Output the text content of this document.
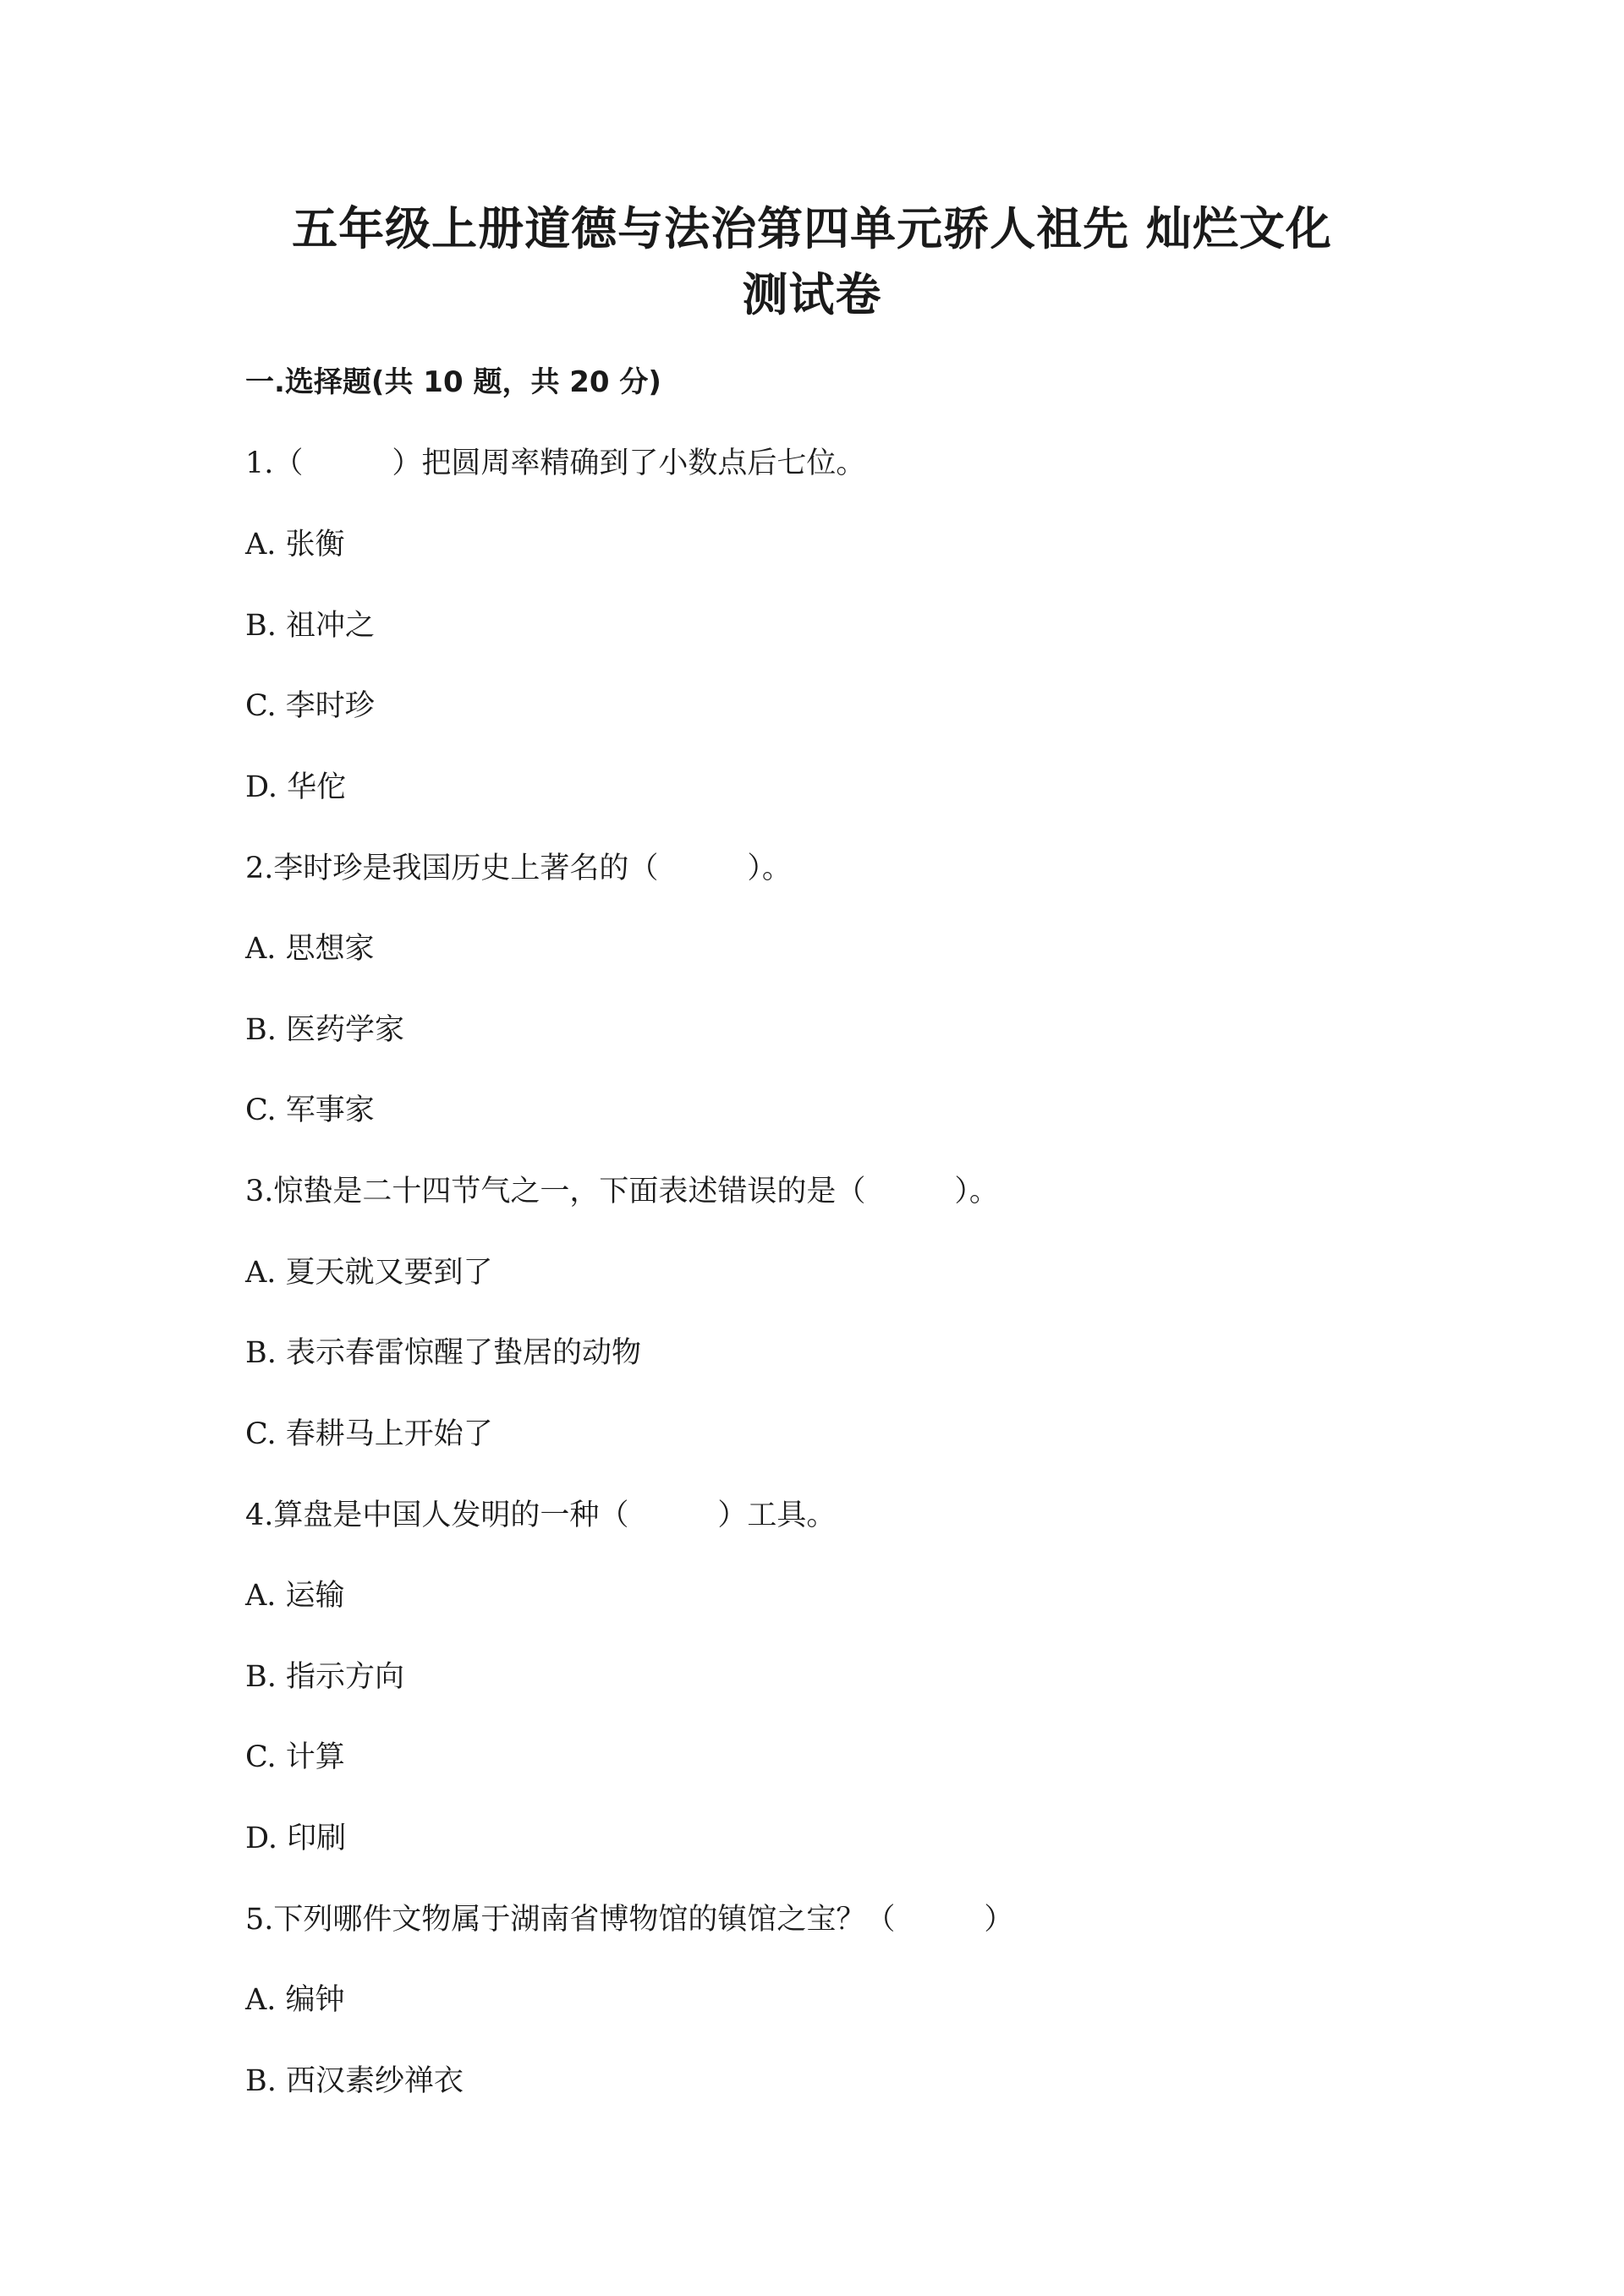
五年级上册道德与法治第四单元骄人祖先 灿烂文化
测试卷
一.选择题(共 10 题，共 20 分)

1.（　　　）把圆周率精确到了小数点后七位。

A. 张衡

B. 祖冲之

C. 李时珍

D. 华佗

2.李时珍是我国历史上著名的（　　　）。

A. 思想家

B. 医药学家

C. 军事家

3.惊蛰是二十四节气之一，下面表述错误的是（　　　）。

A. 夏天就又要到了

B. 表示春雷惊醒了蛰居的动物

C. 春耕马上开始了

4.算盘是中国人发明的一种（　　　）工具。

A. 运输

B. 指示方向

C. 计算

D. 印刷

5.下列哪件文物属于湖南省博物馆的镇馆之宝？（　　　）

A. 编钟

B. 西汉素纱禅衣
